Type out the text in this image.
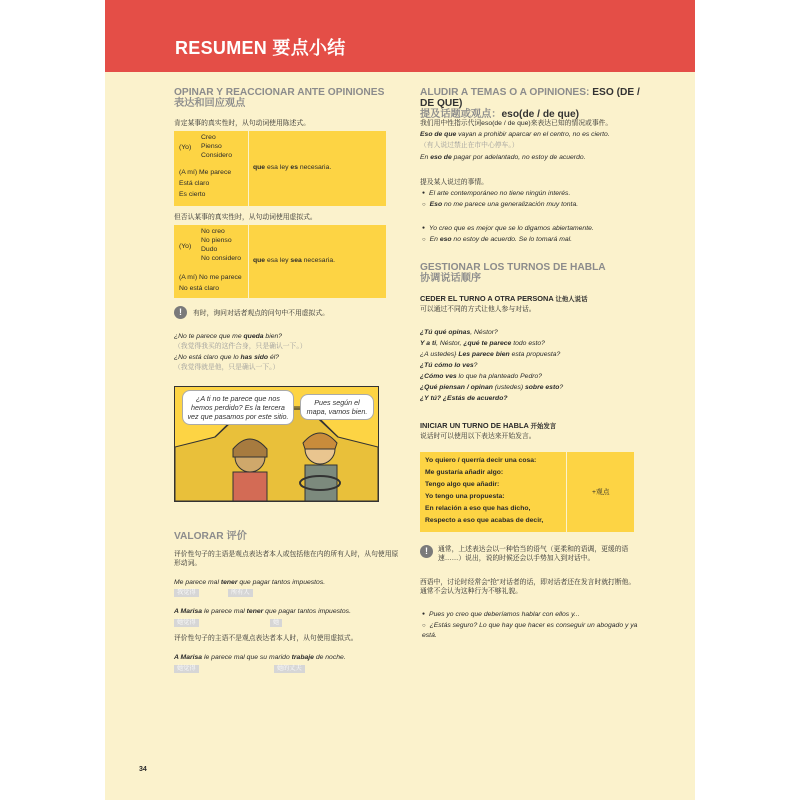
RESUMEN 要点小结
OPINAR Y REACCIONAR ANTE OPINIONES
表达和回应观点
肯定某事的真实性时，从句动词使用陈述式。
(Yo)
Creo
Pienso
Considero
(A mí) Me parece
Está claro
Es cierto
que esa ley es necesaria.
但否认某事的真实性时，从句动词使用虚拟式。
(Yo)
No creo
No pienso
Dudo
No considero
(A mí) No me parece
No está claro
que esa ley sea necesaria.
!	有时，询问对话者观点的问句中不用虚拟式。
¿No te parece que me queda bien?
（我觉得我买的这件合身，只是确认一下。）
¿No está claro que lo has sido él?
（我觉得就是他，只是确认一下。）
¿A ti no te parece que nos hemos perdido? Es la tercera vez que pasamos por este sitio.
Pues según el mapa, vamos bien.
VALORAR 评价
评价性句子的主语是观点表达者本人或包括他在内的所有人时，从句使用原形动词。
Me parece mal tener que pagar tantos impuestos.
我觉得	所有人
A Marisa le parece mal tener que pagar tantos impuestos.
她觉得	她
评价性句子的主语不是观点表达者本人时，从句使用虚拟式。
A Marisa le parece mal que su marido trabaje de noche.
她觉得	她的丈夫
ALUDIR A TEMAS O A OPINIONES: ESO (DE / DE QUE)
提及话题或观点：eso(de / de que)
我们用中性指示代词eso(de / de que)来表达已知的情况或事件。
Eso de que vayan a prohibir aparcar en el centro, no es cierto.
（有人说过禁止在市中心停车。）
En eso de pagar por adelantado, no estoy de acuerdo.
提及某人说过的事情。
● El arte contemporáneo no tiene ningún interés.
○ Eso no me parece una generalización muy tonta.
● Yo creo que es mejor que se lo digamos abiertamente.
○ En eso no estoy de acuerdo. Se lo tomará mal.
GESTIONAR LOS TURNOS DE HABLA
协调说话顺序
CEDER EL TURNO A OTRA PERSONA 让他人说话
可以通过不同的方式让他人参与对话。
¿Tú qué opinas, Néstor?
Y a ti, Néstor, ¿qué te parece todo esto?
¿A ustedes} Les parece bien esta propuesta?
¿Tú cómo lo ves?
¿Cómo ves lo que ha planteado Pedro?
¿Qué piensan / opinan (ustedes) sobre esto?
¿Y tú? ¿Estás de acuerdo?
INICIAR UN TURNO DE HABLA 开始发言
说话时可以使用以下表达来开始发言。
Yo quiero / querría decir una cosa:
Me gustaría añadir algo:
Tengo algo que añadir:
Yo tengo una propuesta:
En relación a eso que has dicho,
Respecto a eso que acabas de decir,
+观点
!	通常，上述表达会以一种恰当的语气（更柔和的语调，更缓的语速……）说出，说的时候还会以手势加入到对话中。
西语中，讨论时经常会“抢”对话者的话，即对话者还在发言时就打断他。通常不会认为这种行为不够礼貌。
● Pues yo creo que deberíamos hablar con ellos y...
○ ¿Estás seguro? Lo que hay que hacer es conseguir un abogado y ya está.
34
